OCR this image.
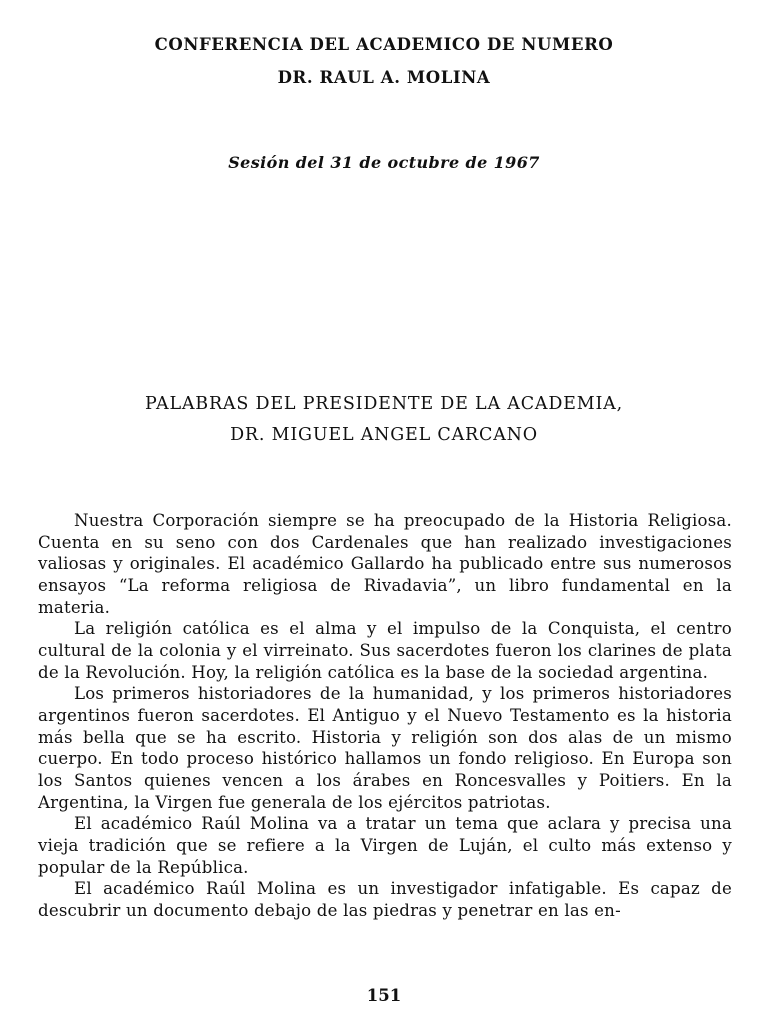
CONFERENCIA DEL ACADEMICO DE NUMERO
DR. RAUL A. MOLINA

Sesión del 31 de octubre de 1967

PALABRAS DEL PRESIDENTE DE LA ACADEMIA,
DR. MIGUEL ANGEL CARCANO

Nuestra Corporación siempre se ha preocupado de la Historia Religiosa. Cuenta en su seno con dos Cardenales que han realizado investigaciones valiosas y originales. El académico Gallardo ha publicado entre sus numerosos ensayos “La reforma religiosa de Rivadavia”, un libro fundamental en la materia.

La religión católica es el alma y el impulso de la Conquista, el centro cultural de la colonia y el virreinato. Sus sacerdotes fueron los clarines de plata de la Revolución. Hoy, la religión católica es la base de la sociedad argentina.

Los primeros historiadores de la humanidad, y los primeros historiadores argentinos fueron sacerdotes. El Antiguo y el Nuevo Testamento es la historia más bella que se ha escrito. Historia y religión son dos alas de un mismo cuerpo. En todo proceso histórico hallamos un fondo religioso. En Europa son los Santos quienes vencen a los árabes en Roncesvalles y Poitiers. En la Argentina, la Virgen fue generala de los ejércitos patriotas.

El académico Raúl Molina va a tratar un tema que aclara y precisa una vieja tradición que se refiere a la Virgen de Luján, el culto más extenso y popular de la República.

El académico Raúl Molina es un investigador infatigable. Es capaz de descubrir un documento debajo de las piedras y penetrar en las en-

151
